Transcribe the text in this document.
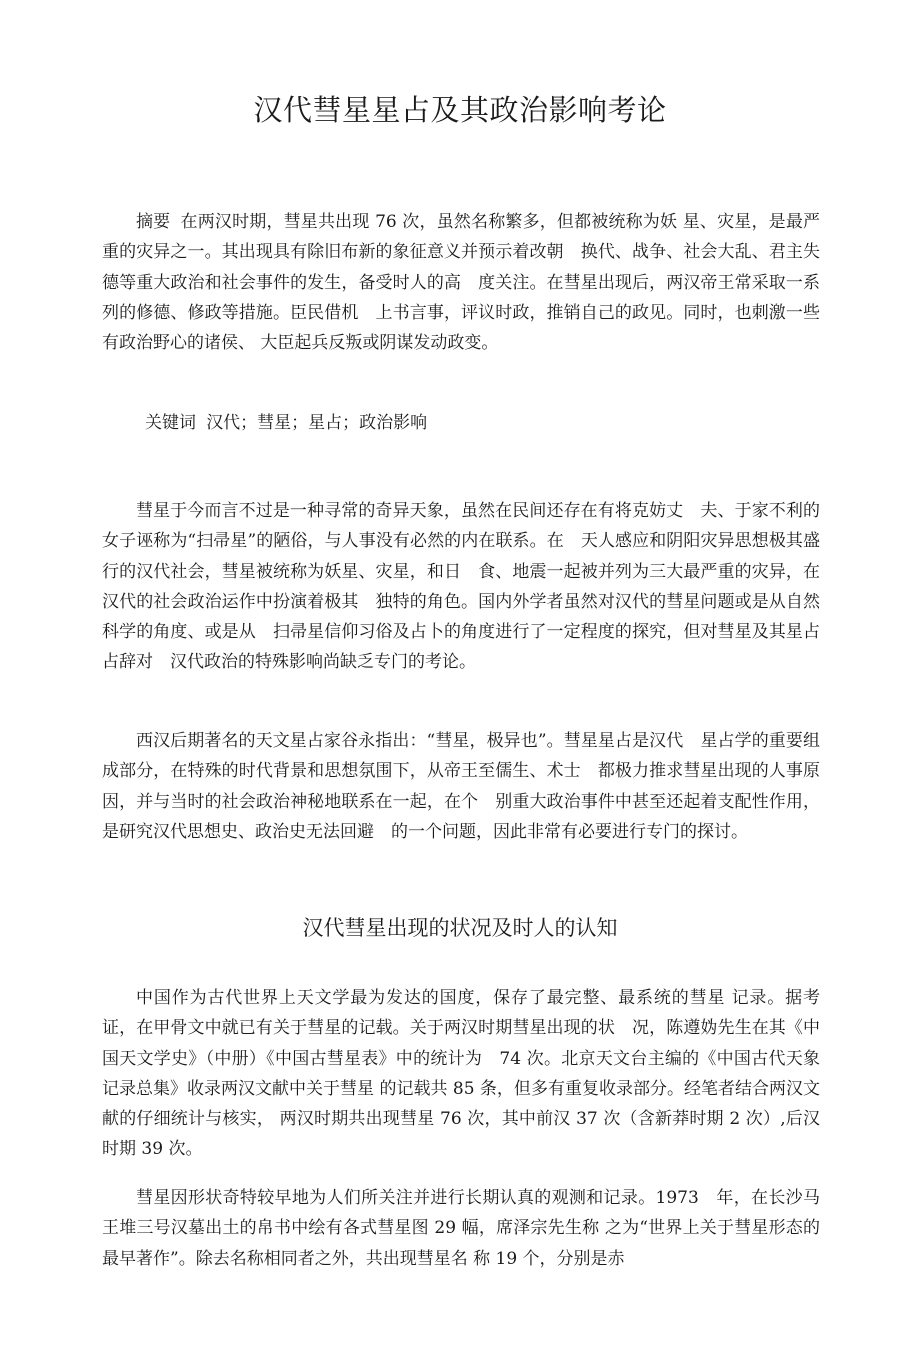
汉代彗星星占及其政治影响考论

摘要 在两汉时期，彗星共出现 76 次，虽然名称繁多，但都被统称为妖 星、灾星，是最严重的灾异之一。其出现具有除旧布新的象征意义并预示着改朝　换代、战争、社会大乱、君主失德等重大政治和社会事件的发生，备受时人的高　度关注。在彗星出现后，两汉帝王常采取一系列的修德、修政等措施。臣民借机　上书言事，评议时政，推销自己的政见。同时，也刺激一些有政治野心的诸侯、 大臣起兵反叛或阴谋发动政变。

关键词 汉代；彗星；星占；政治影响

彗星于今而言不过是一种寻常的奇异天象，虽然在民间还存在有将克妨丈　夫、于家不利的女子诬称为“扫帚星”的陋俗，与人事没有必然的内在联系。在　天人感应和阴阳灾异思想极其盛行的汉代社会，彗星被统称为妖星、灾星，和日　食、地震一起被并列为三大最严重的灾异，在汉代的社会政治运作中扮演着极其　独特的角色。国内外学者虽然对汉代的彗星问题或是从自然科学的角度、或是从　扫帚星信仰习俗及占卜的角度进行了一定程度的探究，但对彗星及其星占占辞对　汉代政治的特殊影响尚缺乏专门的考论。

西汉后期著名的天文星占家谷永指出：“彗星，极异也”。彗星星占是汉代　星占学的重要组成部分，在特殊的时代背景和思想氛围下，从帝王至儒生、术士　都极力推求彗星出现的人事原因，并与当时的社会政治神秘地联系在一起，在个　别重大政治事件中甚至还起着支配性作用，是研究汉代思想史、政治史无法回避　的一个问题，因此非常有必要进行专门的探讨。

汉代彗星出现的状况及时人的认知

中国作为古代世界上天文学最为发达的国度，保存了最完整、最系统的彗星 记录。据考证，在甲骨文中就已有关于彗星的记载。关于两汉时期彗星出现的状　况，陈遵妫先生在其《中国天文学史》（中册）《中国古彗星表》中的统计为　74 次。北京天文台主编的《中国古代天象记录总集》收录两汉文献中关于彗星 的记载共 85 条，但多有重复收录部分。经笔者结合两汉文献的仔细统计与核实， 两汉时期共出现彗星 76 次，其中前汉 37 次（含新莽时期 2 次）,后汉时期 39 次。

彗星因形状奇特较早地为人们所关注并进行长期认真的观测和记录。1973　年，在长沙马王堆三号汉墓出土的帛书中绘有各式彗星图 29 幅，席泽宗先生称 之为“世界上关于彗星形态的最早著作”。除去名称相同者之外，共出现彗星名 称 19 个，分别是赤
